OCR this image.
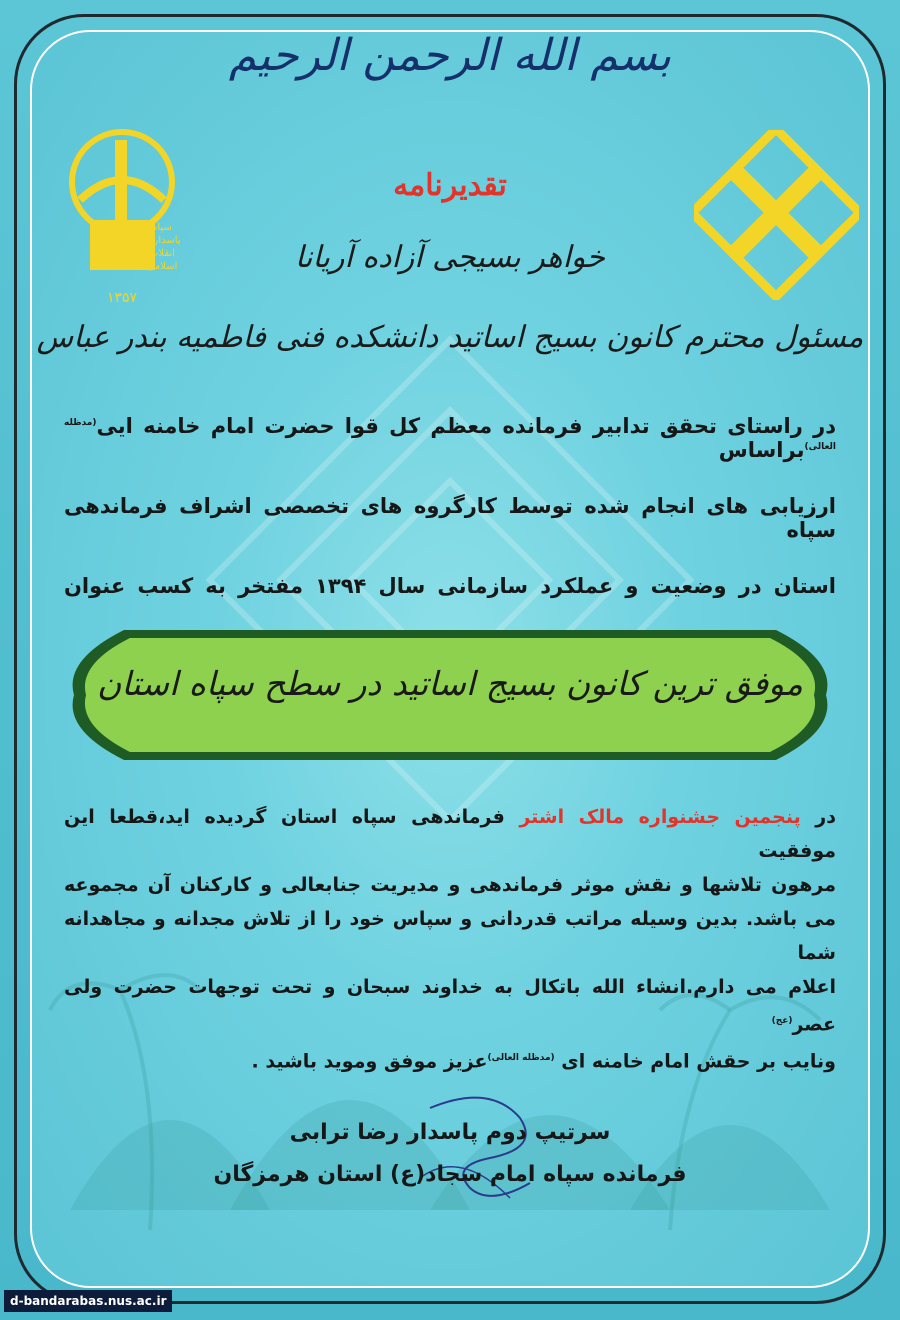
بسم الله الرحمن الرحیم
سپاه
پاسداران
انقلاب
اسلامی
۱۳۵۷
تقدیرنامه
خواهر بسیجی آزاده آریانا
مسئول محترم کانون بسیج اساتید دانشکده فنی فاطمیه بندر عباس
در راستای تحقق تدابیر فرمانده معظم کل قوا حضرت امام خامنه ایی$^{(مدظله العالی)}$براساس
ارزیابی های انجام شده توسط کارگروه های تخصصی اشراف فرماندهی سپاه
استان در وضعیت و عملکرد سازمانی سال ۱۳۹۴ مفتخر به کسب عنوان
موفق ترین کانون بسیج اساتید در سطح سپاه استان
در پنجمین جشنواره مالک اشتر فرماندهی سپاه استان گردیده اید،قطعا این موفقیت
مرهون تلاشها و نقش موثر فرماندهی و مدیریت جنابعالی و کارکنان آن مجموعه
می باشد. بدین وسیله مراتب قدردانی و سپاس خود را از تلاش مجدانه و مجاهدانه شما
اعلام می دارم.انشاء الله باتکال به خداوند سبحان و تحت توجهات حضرت ولی عصر$^{(عج)}$
ونایب بر حقش امام خامنه ای $^{(مدظله العالی)}$عزیز موفق وموید باشید .
سرتیپ دوم پاسدار رضا ترابی
فرمانده سپاه امام سجاد(ع) استان هرمزگان
d-bandarabas.nus.ac.ir
